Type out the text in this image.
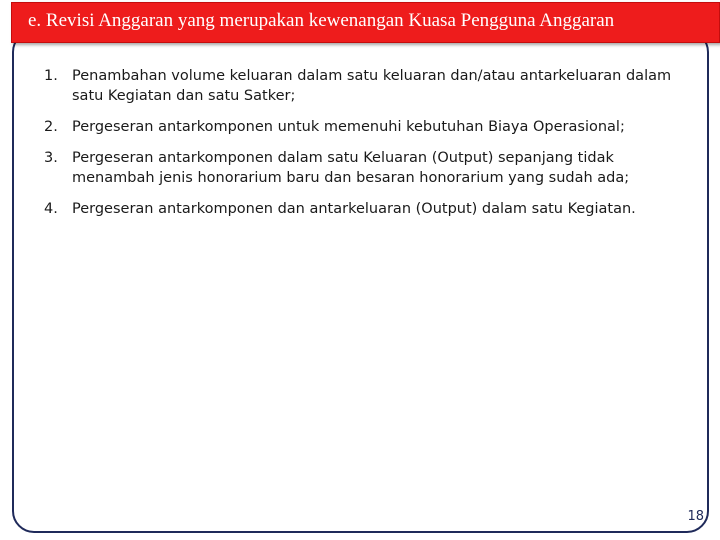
e. Revisi Anggaran yang merupakan kewenangan Kuasa Pengguna Anggaran
1. Penambahan volume keluaran dalam satu keluaran dan/atau antarkeluaran dalam satu Kegiatan dan satu Satker;
2. Pergeseran antarkomponen untuk memenuhi kebutuhan Biaya Operasional;
3. Pergeseran antarkomponen dalam satu Keluaran (Output) sepanjang tidak menambah jenis honorarium baru dan besaran honorarium yang sudah ada;
4. Pergeseran antarkomponen dan antarkeluaran (Output) dalam satu Kegiatan.
18
